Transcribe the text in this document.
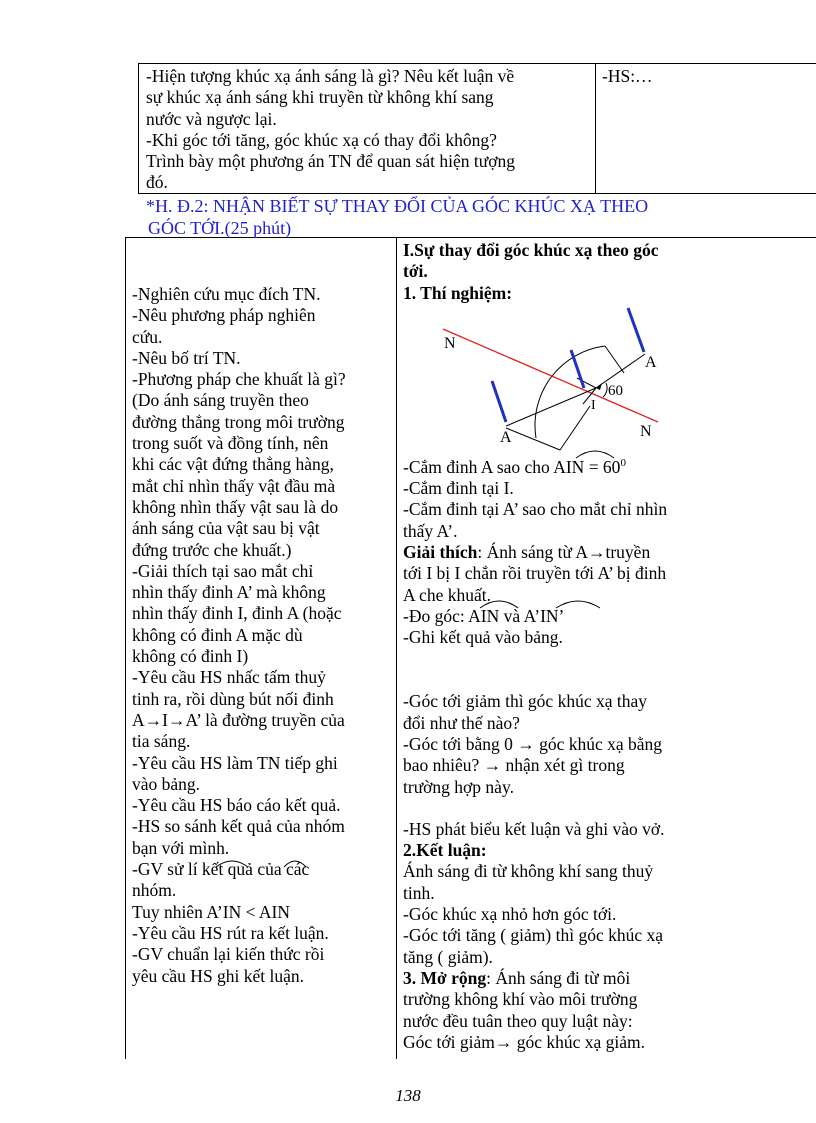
-Hiện tượng khúc xạ ánh sáng là gì? Nêu kết luận về

sự khúc xạ ánh sáng khi truyền từ không khí sang

nước và ngược lại.

-Khi góc tới tăng, góc khúc xạ có thay đổi không?

Trình bày một phương án TN để quan sát hiện tượng

đó.

-HS:…

*H. Đ.2: NHẬN BIẾT SỰ THAY ĐỔI CỦA GÓC KHÚC XẠ THEO

GÓC TỚI.(25 phút)

-Nghiên cứu mục đích TN.

-Nêu phương pháp nghiên

cứu.

-Nêu bố trí TN.

-Phương pháp che khuất là gì?

(Do ánh sáng truyền theo

đường thẳng trong môi trường

trong suốt và đồng tính, nên

khi các vật đứng thẳng hàng,

mắt chỉ nhìn thấy vật đầu mà

không nhìn thấy vật sau là do

ánh sáng của vật sau bị vật

đứng trước che khuất.)

-Giải thích tại sao mắt chỉ

nhìn thấy đinh A’ mà không

nhìn thấy đinh I, đinh A (hoặc

không có đinh A mặc dù

không có đinh I)

-Yêu cầu HS nhấc tấm thuỷ

tinh ra, rồi dùng bút nối đinh

A→I→A’ là đường truyền của

tia sáng.

-Yêu cầu HS làm TN tiếp ghi

vào bảng.

-Yêu cầu HS báo cáo kết quả.

-HS so sánh kết quả của nhóm

bạn với mình.

-GV sử lí kết quả của các

nhóm.

Tuy nhiên A’IN < AIN

-Yêu cầu HS rút ra kết luận.

-GV chuẩn lại kiến thức rồi

yêu cầu HS ghi kết luận.

I.Sự thay đổi góc khúc xạ theo góc

tới.

1. Thí nghiệm:

-Cắm đinh A sao cho AIN = $60^0$

-Cắm đinh tại I.

-Cắm đinh tại A’ sao cho mắt chỉ nhìn

thấy A’.

Giải thích: Ánh sáng từ A→truyền

tới I bị I chắn rồi truyền tới A’ bị đinh

A che khuất.

-Đo góc: AIN và A’IN’

-Ghi kết quả vào bảng.

-Góc tới giảm thì góc khúc xạ thay

đổi như thế nào?

-Góc tới bằng 0 → góc khúc xạ bằng

bao nhiêu? → nhận xét gì trong

trường hợp này.

-HS phát biểu kết luận và ghi vào vở.

2.Kết luận:

Ánh sáng đi từ không khí sang thuỷ

tinh.

-Góc khúc xạ nhỏ hơn góc tới.

-Góc tới tăng ( giảm) thì góc khúc xạ

tăng ( giảm).

3. Mở rộng: Ánh sáng đi từ môi

trường không khí vào môi trường

nước đều tuân theo quy luật này:

Góc tới giảm→ góc khúc xạ giảm.

N
N
A
A
I
60
138
